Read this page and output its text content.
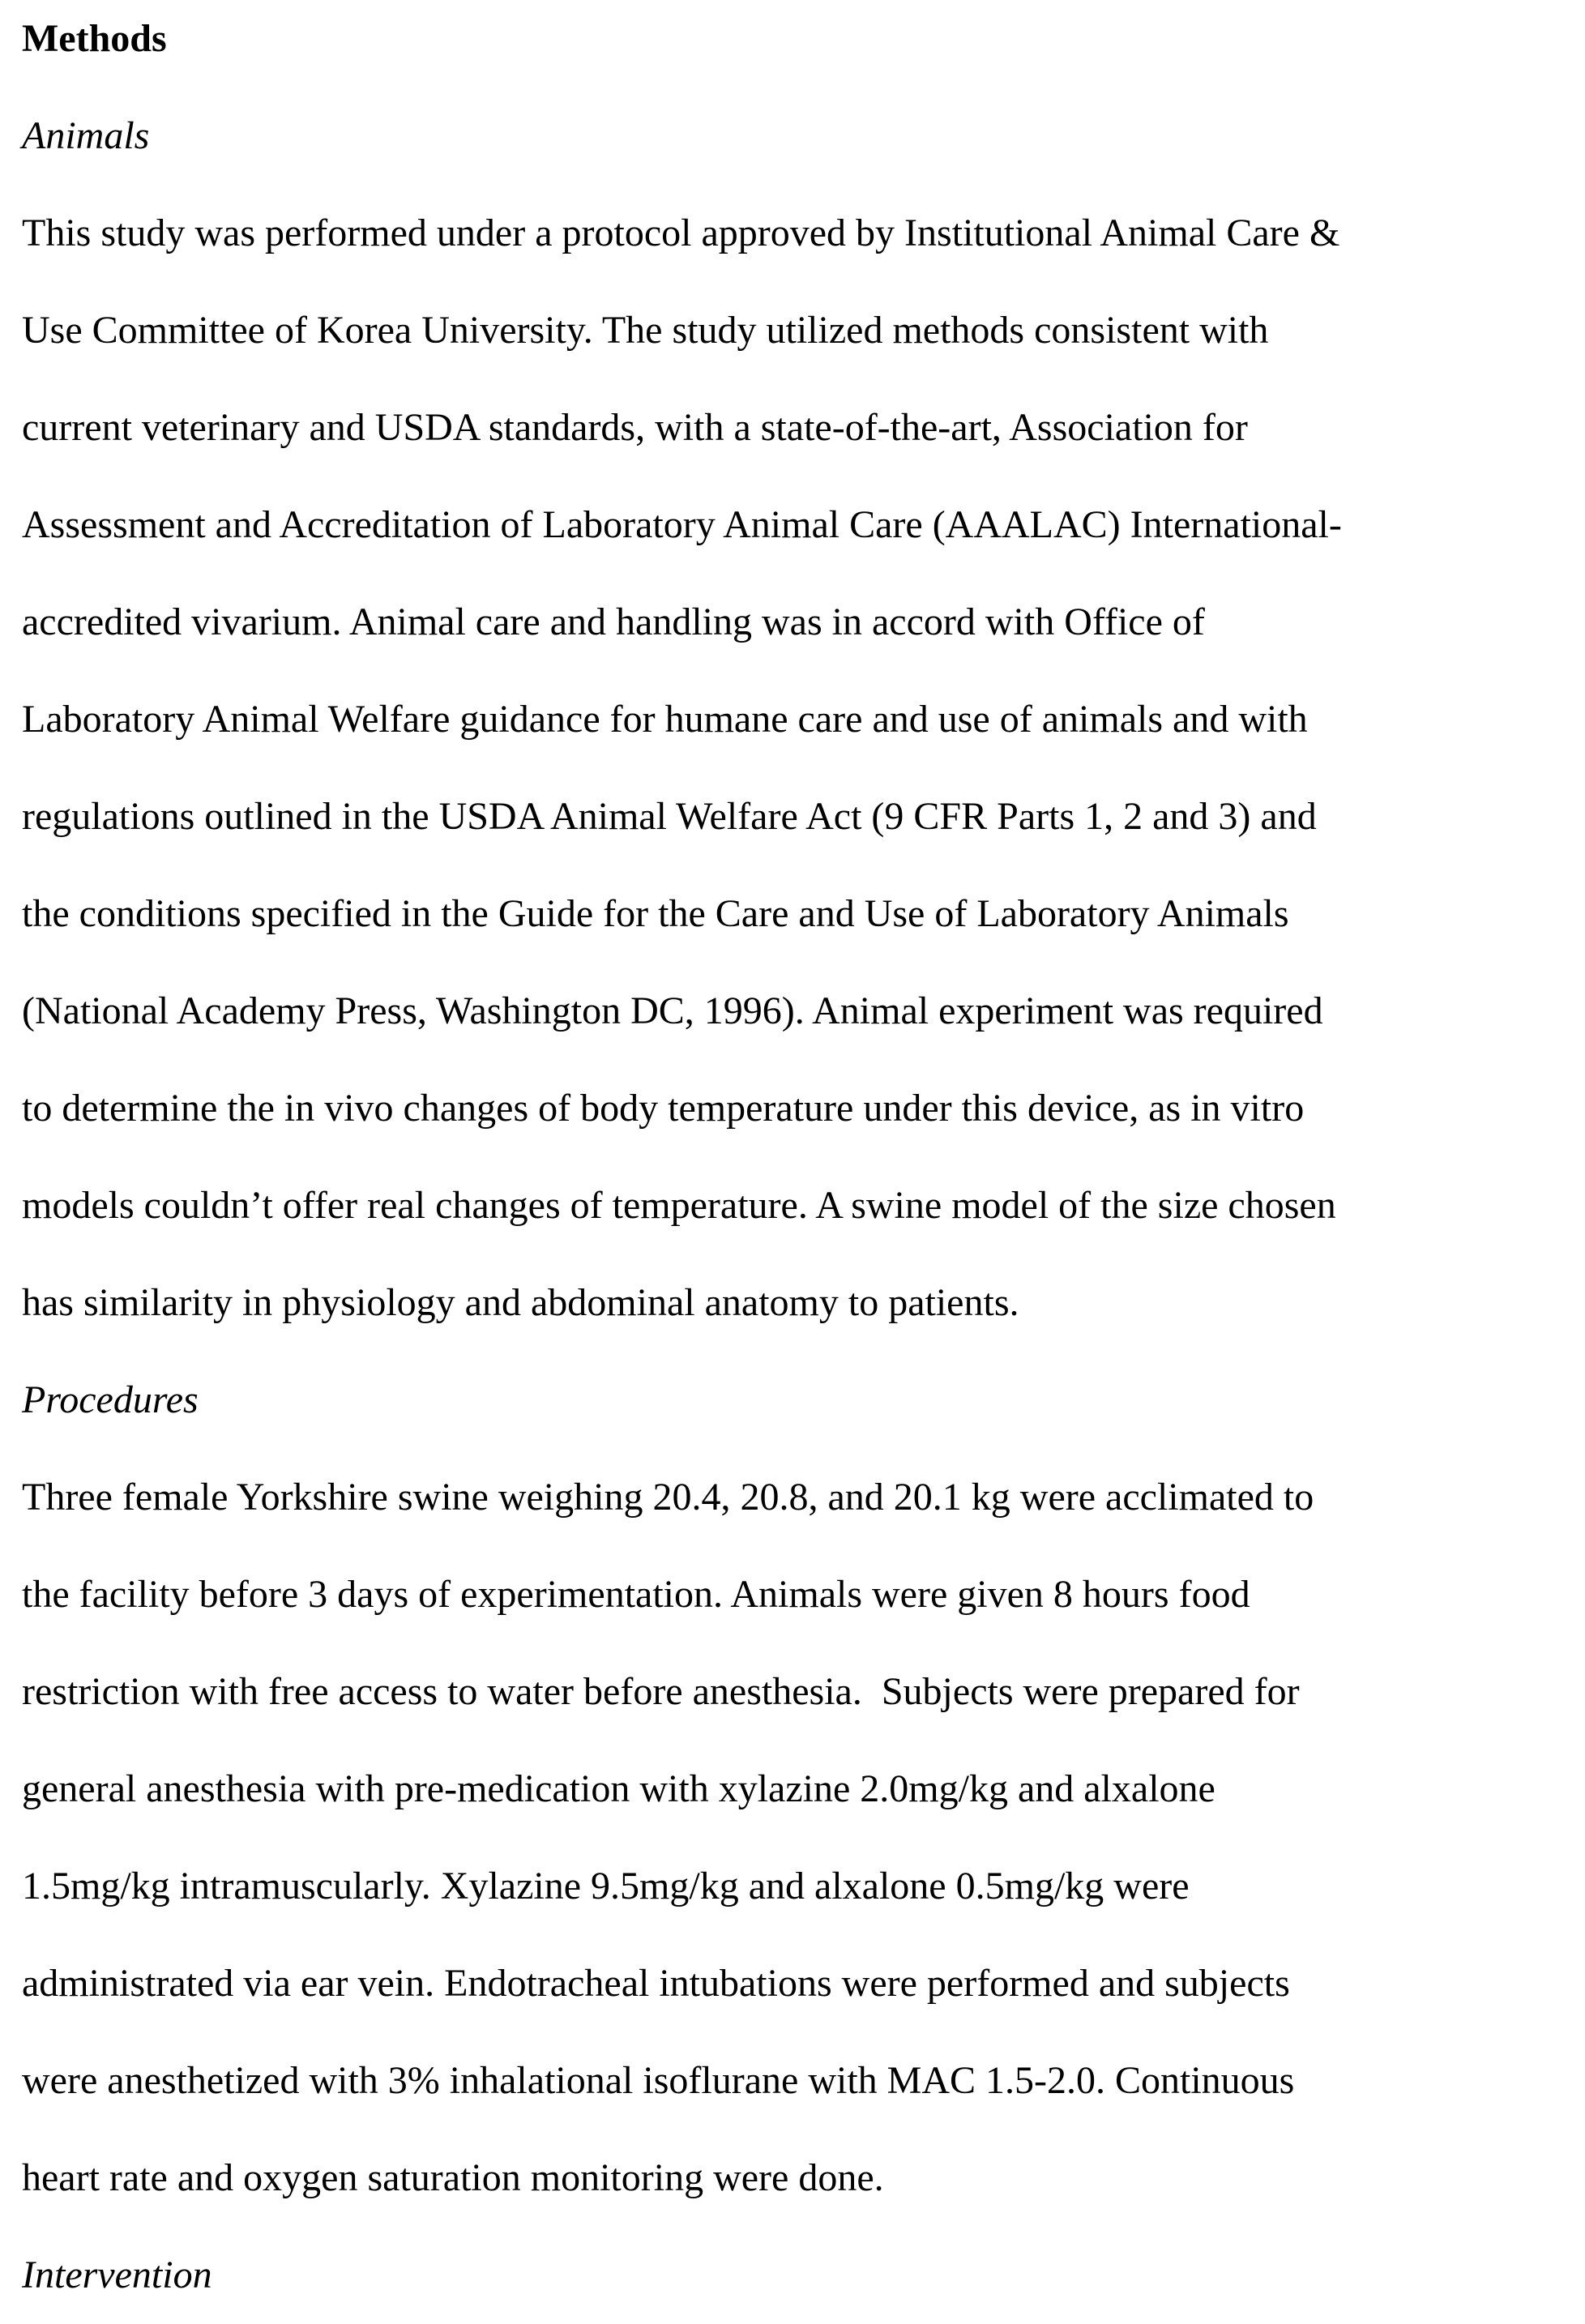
Methods
Animals
This study was performed under a protocol approved by Institutional Animal Care &
Use Committee of Korea University. The study utilized methods consistent with
current veterinary and USDA standards, with a state-of-the-art, Association for
Assessment and Accreditation of Laboratory Animal Care (AAALAC) International-
accredited vivarium. Animal care and handling was in accord with Office of
Laboratory Animal Welfare guidance for humane care and use of animals and with
regulations outlined in the USDA Animal Welfare Act (9 CFR Parts 1, 2 and 3) and
the conditions specified in the Guide for the Care and Use of Laboratory Animals
(National Academy Press, Washington DC, 1996). Animal experiment was required
to determine the in vivo changes of body temperature under this device, as in vitro
models couldn’t offer real changes of temperature. A swine model of the size chosen
has similarity in physiology and abdominal anatomy to patients.
Procedures
Three female Yorkshire swine weighing 20.4, 20.8, and 20.1 kg were acclimated to
the facility before 3 days of experimentation. Animals were given 8 hours food
restriction with free access to water before anesthesia.  Subjects were prepared for
general anesthesia with pre-medication with xylazine 2.0mg/kg and alxalone
1.5mg/kg intramuscularly. Xylazine 9.5mg/kg and alxalone 0.5mg/kg were
administrated via ear vein. Endotracheal intubations were performed and subjects
were anesthetized with 3% inhalational isoflurane with MAC 1.5-2.0. Continuous
heart rate and oxygen saturation monitoring were done.
Intervention
